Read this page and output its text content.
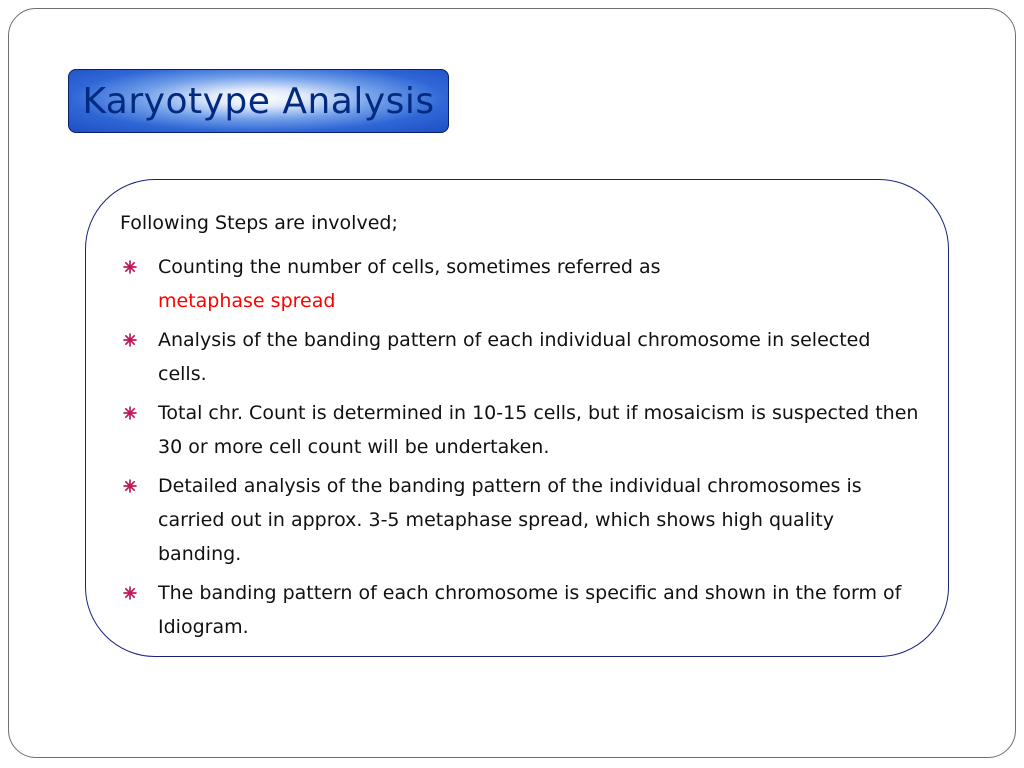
Karyotype Analysis
Following Steps are involved;
Counting the number of cells, sometimes referred as
metaphase spread
Analysis of the banding pattern of each individual chromosome in selected cells.
Total chr. Count is determined in 10-15 cells, but if mosaicism is suspected then 30 or more cell count will be undertaken.
Detailed analysis of the banding pattern of the individual chromosomes is carried out in approx. 3-5 metaphase spread, which shows high quality banding.
The banding pattern of each chromosome is specific and shown in the form of Idiogram.
